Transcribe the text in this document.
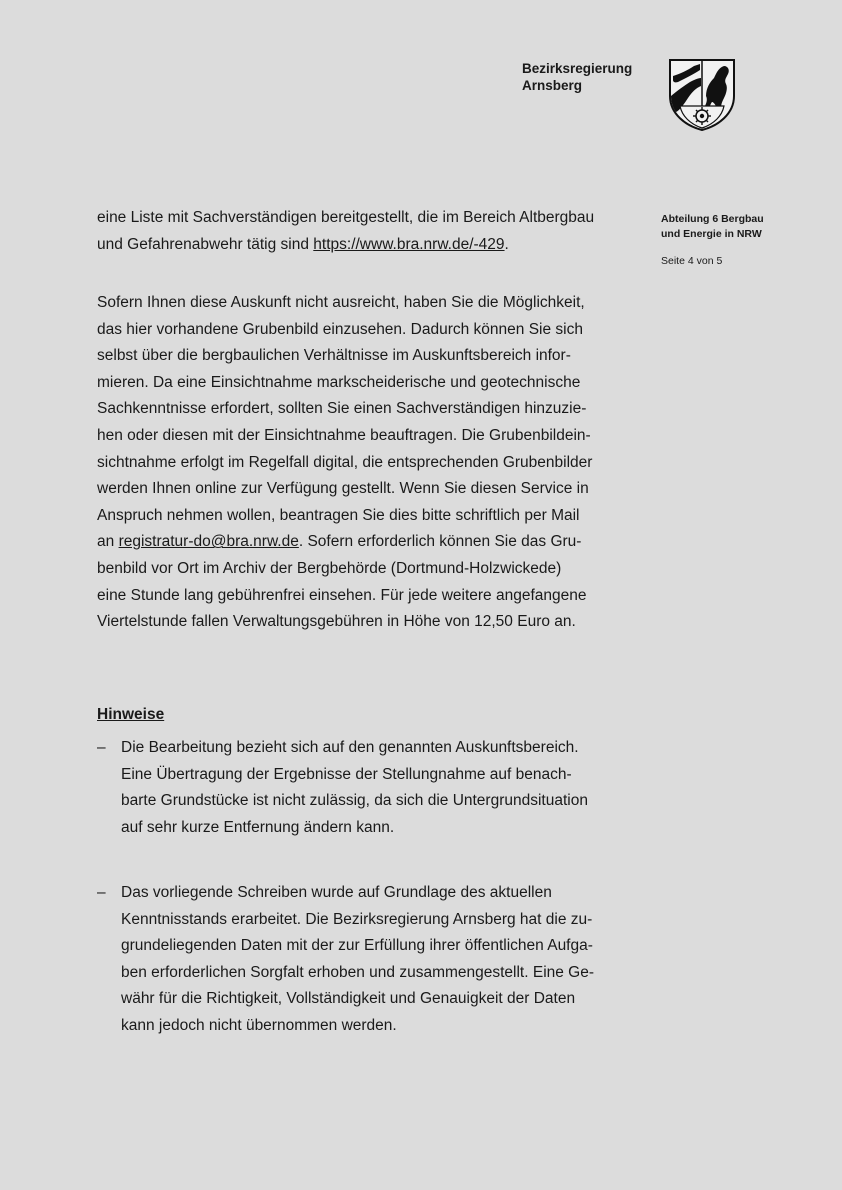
Bezirksregierung
Arnsberg
Abteilung 6 Bergbau
und Energie in NRW
Seite 4 von 5
eine Liste mit Sachverständigen bereitgestellt, die im Bereich Altbergbau
und Gefahrenabwehr tätig sind https://www.bra.nrw.de/-429.
Sofern Ihnen diese Auskunft nicht ausreicht, haben Sie die Möglichkeit,
das hier vorhandene Grubenbild einzusehen. Dadurch können Sie sich
selbst über die bergbaulichen Verhältnisse im Auskunftsbereich infor-
mieren. Da eine Einsichtnahme markscheiderische und geotechnische
Sachkenntnisse erfordert, sollten Sie einen Sachverständigen hinzuzie-
hen oder diesen mit der Einsichtnahme beauftragen. Die Grubenbildein-
sichtnahme erfolgt im Regelfall digital, die entsprechenden Grubenbilder
werden Ihnen online zur Verfügung gestellt. Wenn Sie diesen Service in
Anspruch nehmen wollen, beantragen Sie dies bitte schriftlich per Mail
an registratur-do@bra.nrw.de. Sofern erforderlich können Sie das Gru-
benbild vor Ort im Archiv der Bergbehörde (Dortmund-Holzwickede)
eine Stunde lang gebührenfrei einsehen. Für jede weitere angefangene
Viertelstunde fallen Verwaltungsgebühren in Höhe von 12,50 Euro an.
Hinweise
– Die Bearbeitung bezieht sich auf den genannten Auskunftsbereich.
Eine Übertragung der Ergebnisse der Stellungnahme auf benach-
barte Grundstücke ist nicht zulässig, da sich die Untergrundsituation
auf sehr kurze Entfernung ändern kann.
– Das vorliegende Schreiben wurde auf Grundlage des aktuellen
Kenntnisstands erarbeitet. Die Bezirksregierung Arnsberg hat die zu-
grundeliegenden Daten mit der zur Erfüllung ihrer öffentlichen Aufga-
ben erforderlichen Sorgfalt erhoben und zusammengestellt. Eine Ge-
währ für die Richtigkeit, Vollständigkeit und Genauigkeit der Daten
kann jedoch nicht übernommen werden.
